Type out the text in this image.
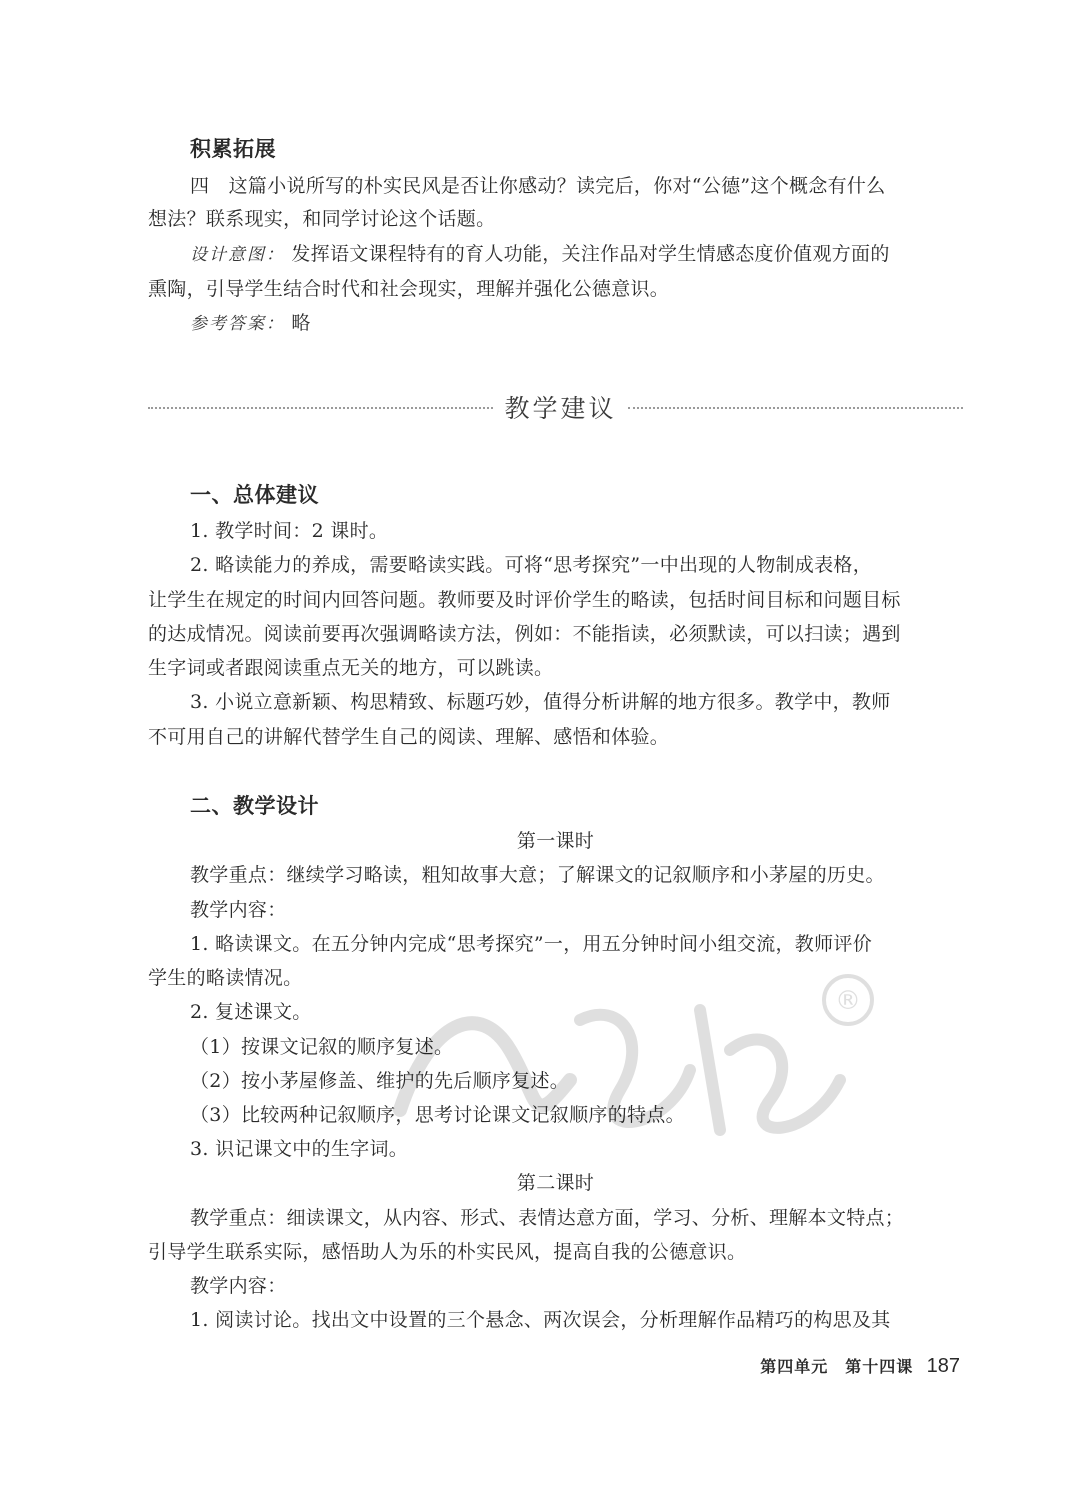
积累拓展
四　这篇小说所写的朴实民风是否让你感动？读完后，你对“公德”这个概念有什么
想法？联系现实，和同学讨论这个话题。
设计意图： 发挥语文课程特有的育人功能，关注作品对学生情感态度价值观方面的
熏陶，引导学生结合时代和社会现实，理解并强化公德意识。
参考答案： 略
教学建议
一、总体建议
1. 教学时间：2 课时。
2. 略读能力的养成，需要略读实践。可将“思考探究”一中出现的人物制成表格，
让学生在规定的时间内回答问题。教师要及时评价学生的略读，包括时间目标和问题目标
的达成情况。阅读前要再次强调略读方法，例如：不能指读，必须默读，可以扫读；遇到
生字词或者跟阅读重点无关的地方，可以跳读。
3. 小说立意新颖、构思精致、标题巧妙，值得分析讲解的地方很多。教学中，教师
不可用自己的讲解代替学生自己的阅读、理解、感悟和体验。
二、教学设计
第一课时
教学重点：继续学习略读，粗知故事大意；了解课文的记叙顺序和小茅屋的历史。
教学内容：
1. 略读课文。在五分钟内完成“思考探究”一，用五分钟时间小组交流，教师评价
学生的略读情况。
2. 复述课文。
（1）按课文记叙的顺序复述。
（2）按小茅屋修盖、维护的先后顺序复述。
（3）比较两种记叙顺序，思考讨论课文记叙顺序的特点。
3. 识记课文中的生字词。
第二课时
教学重点：细读课文，从内容、形式、表情达意方面，学习、分析、理解本文特点；
引导学生联系实际，感悟助人为乐的朴实民风，提高自我的公德意识。
教学内容：
1. 阅读讨论。找出文中设置的三个悬念、两次误会，分析理解作品精巧的构思及其
®
第四单元　第十四课 187
